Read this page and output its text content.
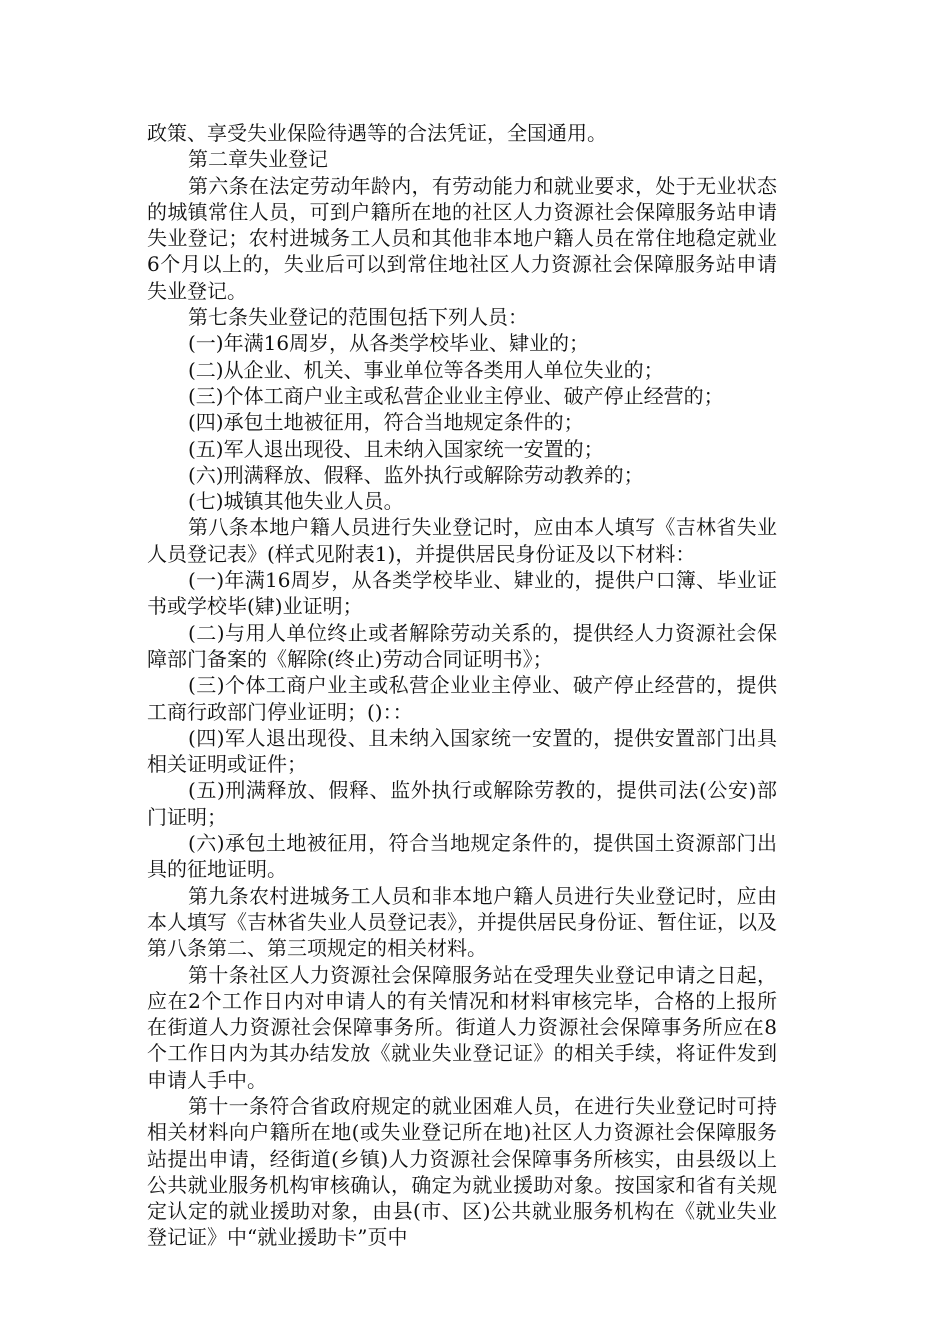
政策、享受失业保险待遇等的合法凭证，全国通用。

第二章失业登记

第六条在法定劳动年龄内，有劳动能力和就业要求，处于无业状态的城镇常住人员，可到户籍所在地的社区人力资源社会保障服务站申请失业登记；农村进城务工人员和其他非本地户籍人员在常住地稳定就业6个月以上的，失业后可以到常住地社区人力资源社会保障服务站申请失业登记。

第七条失业登记的范围包括下列人员：

(一)年满16周岁，从各类学校毕业、肄业的；

(二)从企业、机关、事业单位等各类用人单位失业的；

(三)个体工商户业主或私营企业业主停业、破产停止经营的；

(四)承包土地被征用，符合当地规定条件的；

(五)军人退出现役、且未纳入国家统一安置的；

(六)刑满释放、假释、监外执行或解除劳动教养的；

(七)城镇其他失业人员。

第八条本地户籍人员进行失业登记时，应由本人填写《吉林省失业人员登记表》(样式见附表1)，并提供居民身份证及以下材料：

(一)年满16周岁，从各类学校毕业、肄业的，提供户口簿、毕业证书或学校毕(肄)业证明；

(二)与用人单位终止或者解除劳动关系的，提供经人力资源社会保障部门备案的《解除(终止)劳动合同证明书》；

(三)个体工商户业主或私营企业业主停业、破产停止经营的，提供工商行政部门停业证明；()：：

(四)军人退出现役、且未纳入国家统一安置的，提供安置部门出具相关证明或证件；

(五)刑满释放、假释、监外执行或解除劳教的，提供司法(公安)部门证明；

(六)承包土地被征用，符合当地规定条件的，提供国土资源部门出具的征地证明。

第九条农村进城务工人员和非本地户籍人员进行失业登记时，应由本人填写《吉林省失业人员登记表》，并提供居民身份证、暂住证，以及第八条第二、第三项规定的相关材料。

第十条社区人力资源社会保障服务站在受理失业登记申请之日起，应在2个工作日内对申请人的有关情况和材料审核完毕，合格的上报所在街道人力资源社会保障事务所。街道人力资源社会保障事务所应在8个工作日内为其办结发放《就业失业登记证》的相关手续，将证件发到申请人手中。

第十一条符合省政府规定的就业困难人员，在进行失业登记时可持相关材料向户籍所在地(或失业登记所在地)社区人力资源社会保障服务站提出申请，经街道(乡镇)人力资源社会保障事务所核实，由县级以上公共就业服务机构审核确认，确定为就业援助对象。按国家和省有关规定认定的就业援助对象，由县(市、区)公共就业服务机构在《就业失业登记证》中“就业援助卡”页中
